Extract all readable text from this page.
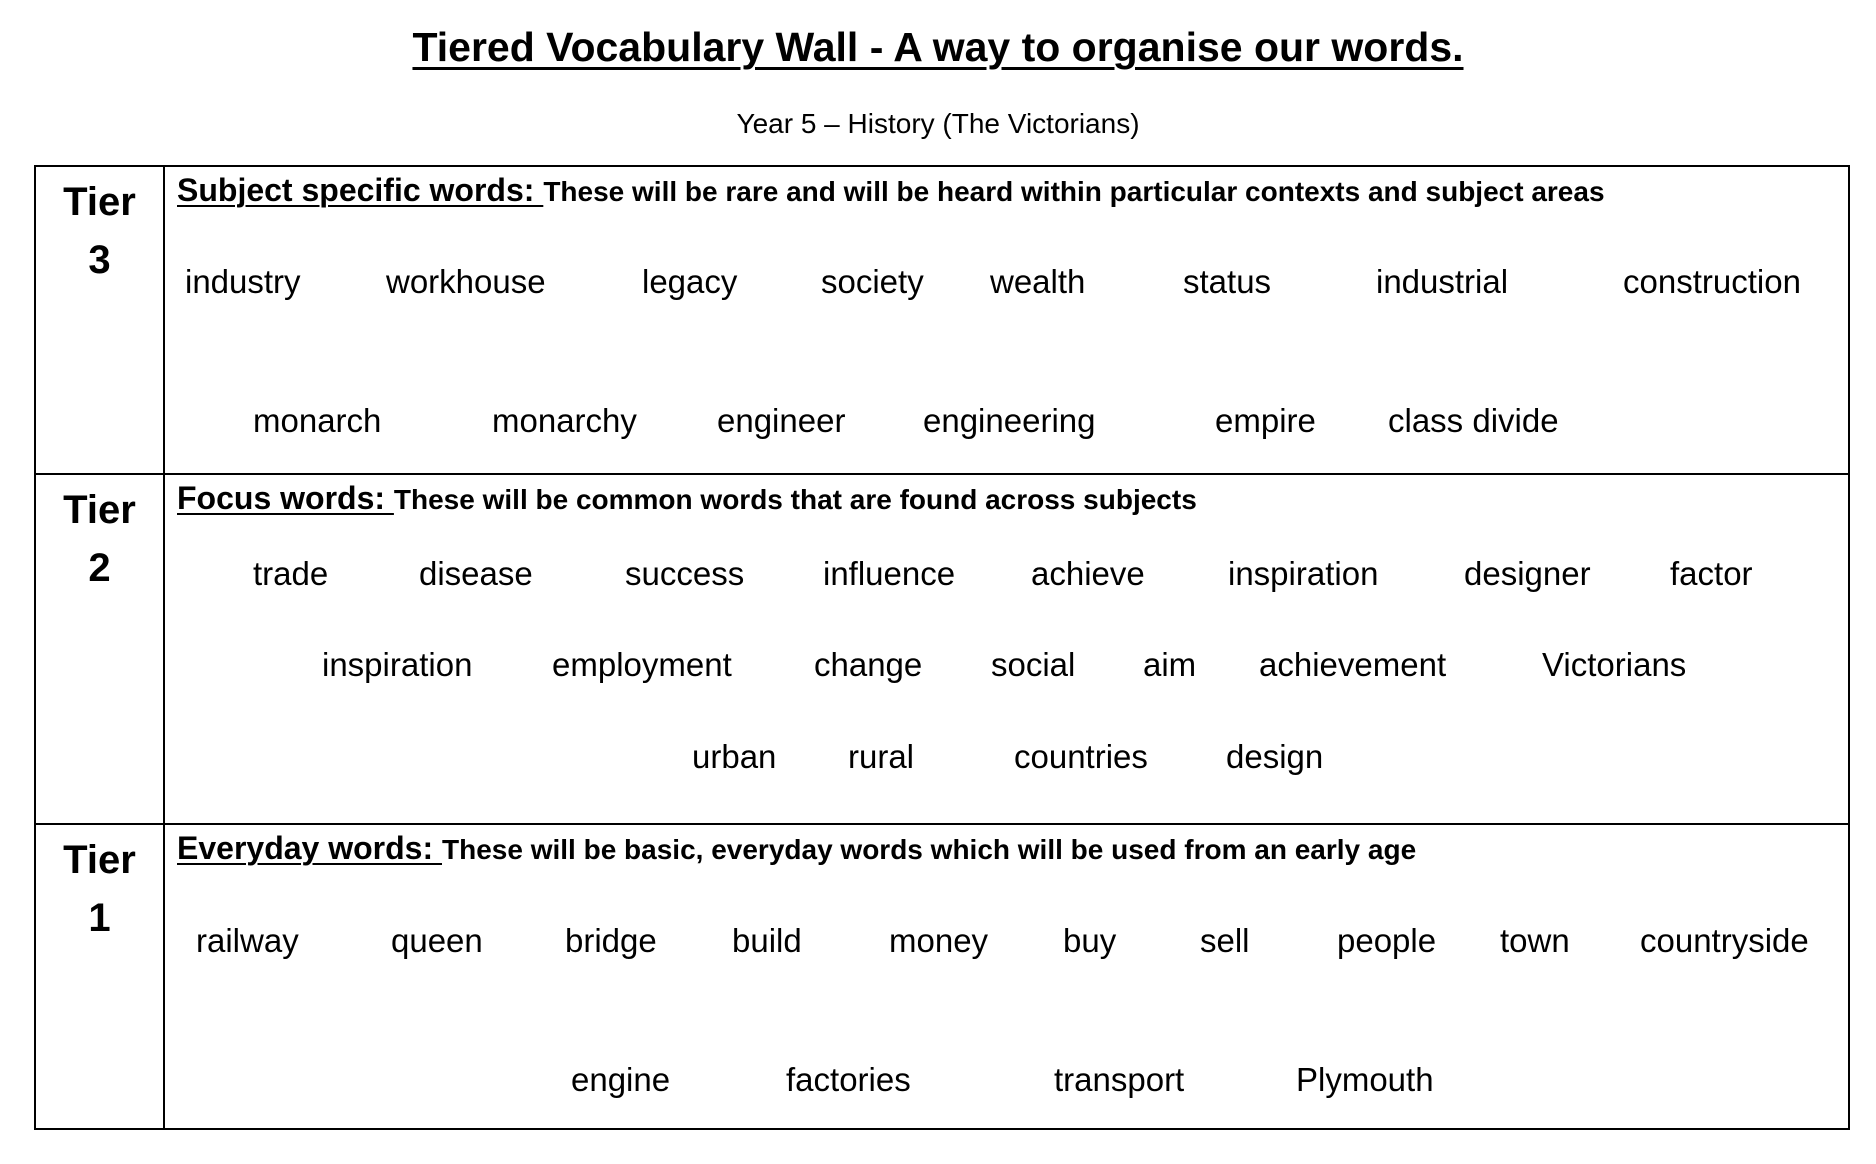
Tiered Vocabulary Wall - A way to organise our words.
Year 5 – History (The Victorians)
Tier
3
Subject specific words: These will be rare and will be heard within particular contexts and subject areas
industry	workhouse	legacy	society wealth	status	industrial	construction
monarch	monarchy engineer engineering	empire class divide
Tier
2
Focus words: These will be common words that are found across subjects
trade	disease	success influence achieve	inspiration	designer factor
inspiration employment change social aim achievement	Victorians
urban rural	countries design
Tier
1
Everyday words: These will be basic, everyday words which will be used from an early age
railway	queen bridge build	money buy	sell	people town countryside
engine	factories	transport	Plymouth
